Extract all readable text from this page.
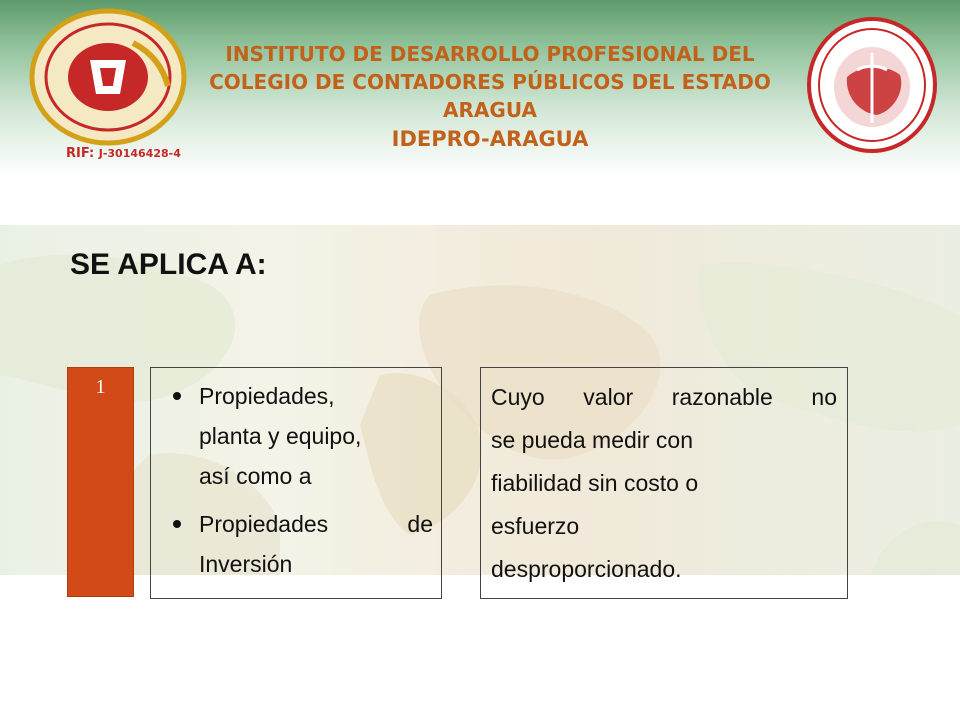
RIF: J-30146428-4
INSTITUTO DE DESARROLLO PROFESIONAL DEL
COLEGIO DE CONTADORES PÚBLICOS DEL ESTADO ARAGUA
IDEPRO-ARAGUA
SE APLICA A:
1	Propiedades,
planta y equipo,
así como a
Propiedades de
Inversión
Cuyo valor razonable no
se pueda medir con
fiabilidad sin costo o
esfuerzo
desproporcionado.
